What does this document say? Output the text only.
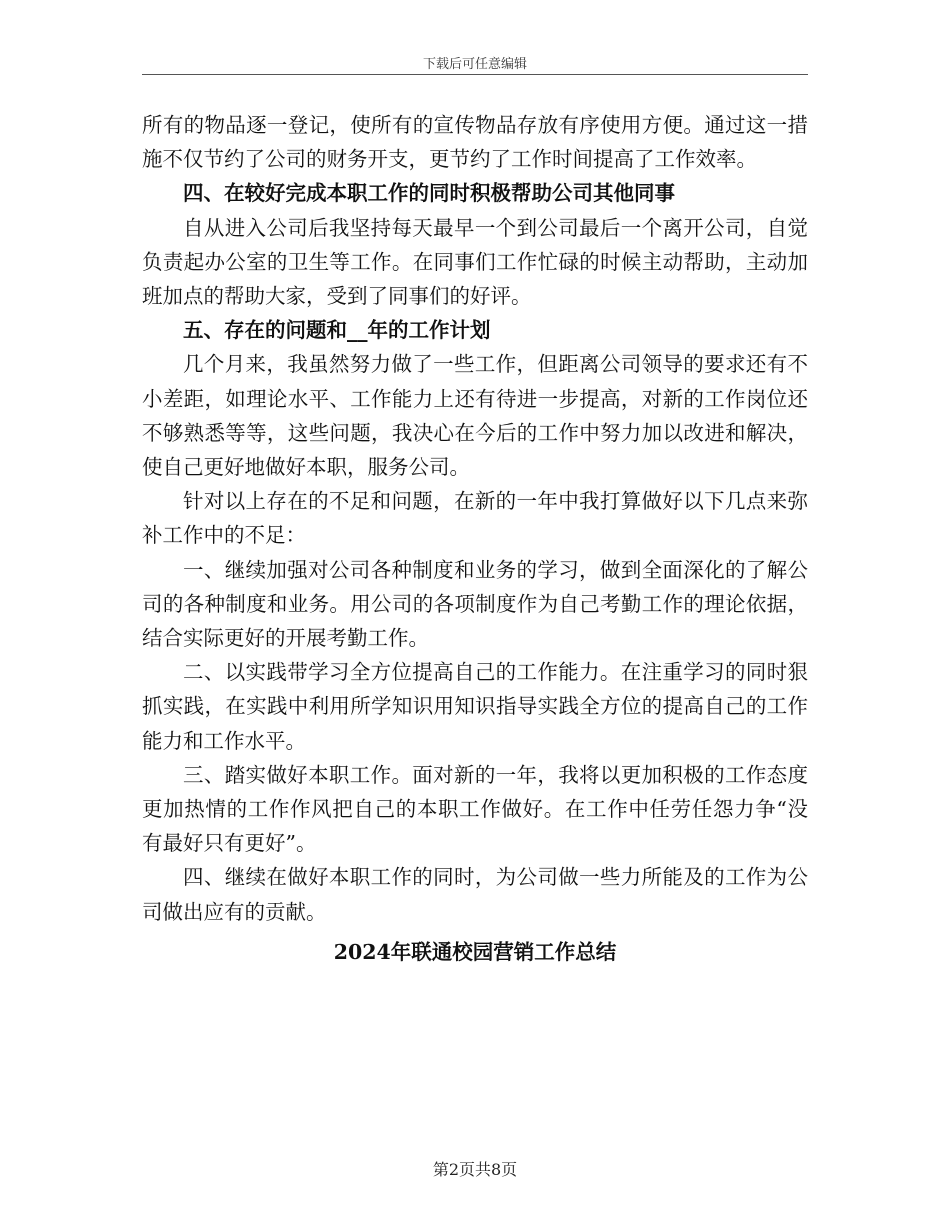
下载后可任意编辑

所有的物品逐一登记，使所有的宣传物品存放有序使用方便。通过这一措施不仅节约了公司的财务开支，更节约了工作时间提高了工作效率。

四、在较好完成本职工作的同时积极帮助公司其他同事

自从进入公司后我坚持每天最早一个到公司最后一个离开公司，自觉负责起办公室的卫生等工作。在同事们工作忙碌的时候主动帮助，主动加班加点的帮助大家，受到了同事们的好评。

五、存在的问题和__年的工作计划

几个月来，我虽然努力做了一些工作，但距离公司领导的要求还有不小差距，如理论水平、工作能力上还有待进一步提高，对新的工作岗位还不够熟悉等等，这些问题，我决心在今后的工作中努力加以改进和解决，使自己更好地做好本职，服务公司。

针对以上存在的不足和问题，在新的一年中我打算做好以下几点来弥补工作中的不足：

一、继续加强对公司各种制度和业务的学习，做到全面深化的了解公司的各种制度和业务。用公司的各项制度作为自己考勤工作的理论依据，结合实际更好的开展考勤工作。

二、以实践带学习全方位提高自己的工作能力。在注重学习的同时狠抓实践，在实践中利用所学知识用知识指导实践全方位的提高自己的工作能力和工作水平。

三、踏实做好本职工作。面对新的一年，我将以更加积极的工作态度更加热情的工作作风把自己的本职工作做好。在工作中任劳任怨力争“没有最好只有更好”。

四、继续在做好本职工作的同时，为公司做一些力所能及的工作为公司做出应有的贡献。

2024年联通校园营销工作总结

第2页共8页
